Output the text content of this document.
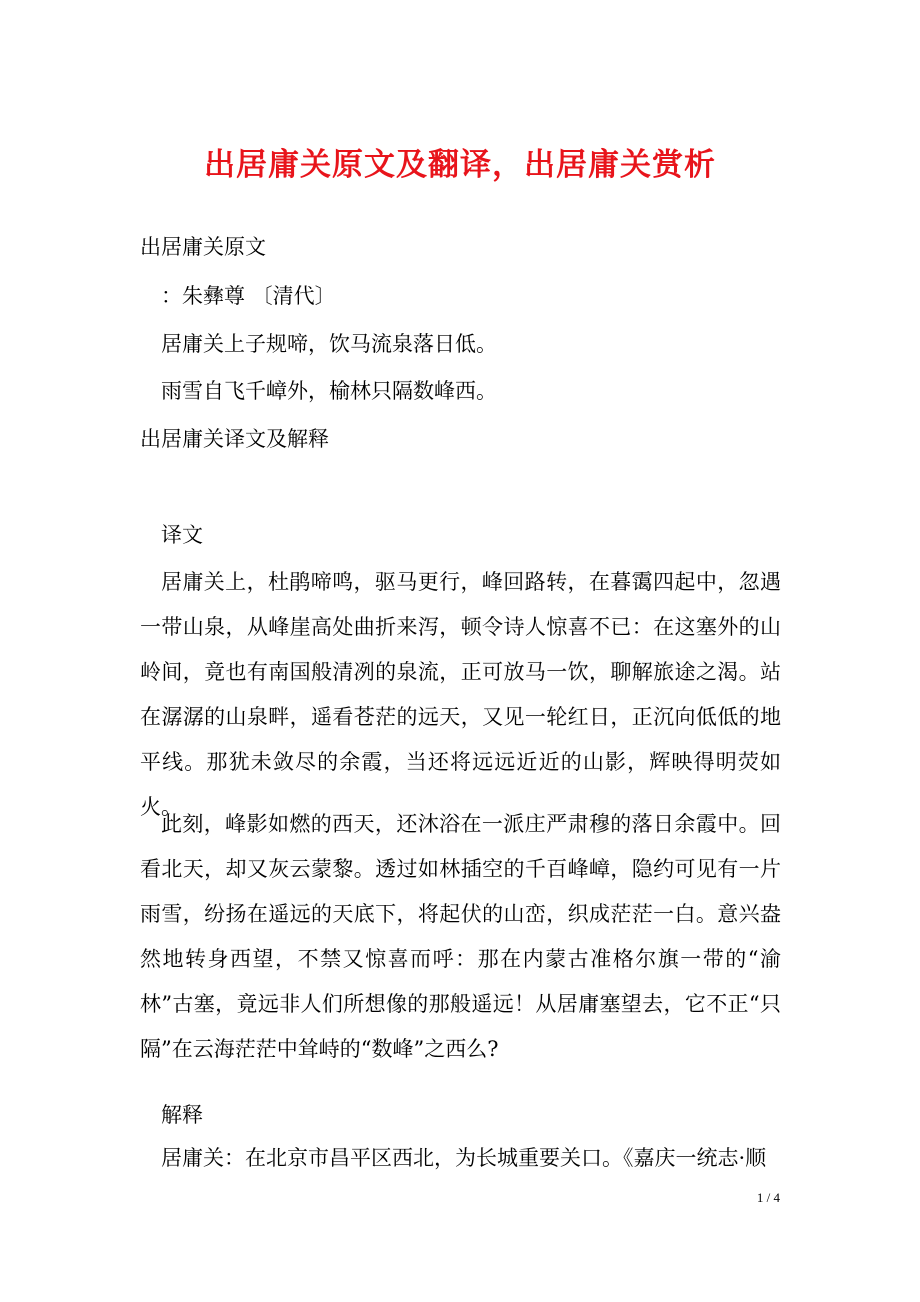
出居庸关原文及翻译，出居庸关赏析
出居庸关原文
：朱彝尊 〔清代〕
居庸关上子规啼，饮马流泉落日低。
雨雪自飞千嶂外，榆林只隔数峰西。
出居庸关译文及解释
译文
居庸关上，杜鹃啼鸣，驱马更行，峰回路转，在暮霭四起中，忽遇一带山泉，从峰崖高处曲折来泻，顿令诗人惊喜不已：在这塞外的山岭间，竟也有南国般清冽的泉流，正可放马一饮，聊解旅途之渴。站在潺潺的山泉畔，遥看苍茫的远天，又见一轮红日，正沉向低低的地平线。那犹未敛尽的余霞，当还将远远近近的山影，辉映得明荧如火。
此刻，峰影如燃的西天，还沐浴在一派庄严肃穆的落日余霞中。回看北天，却又灰云蒙黎。透过如林插空的千百峰嶂，隐约可见有一片雨雪，纷扬在遥远的天底下，将起伏的山峦，织成茫茫一白。意兴盎然地转身西望，不禁又惊喜而呼：那在内蒙古准格尔旗一带的“渝林”古塞，竟远非人们所想像的那般遥远！从居庸塞望去，它不正“只隔”在云海茫茫中耸峙的“数峰”之西么?
解释
居庸关：在北京市昌平区西北，为长城重要关口。《嘉庆一统志·顺
1 / 4
